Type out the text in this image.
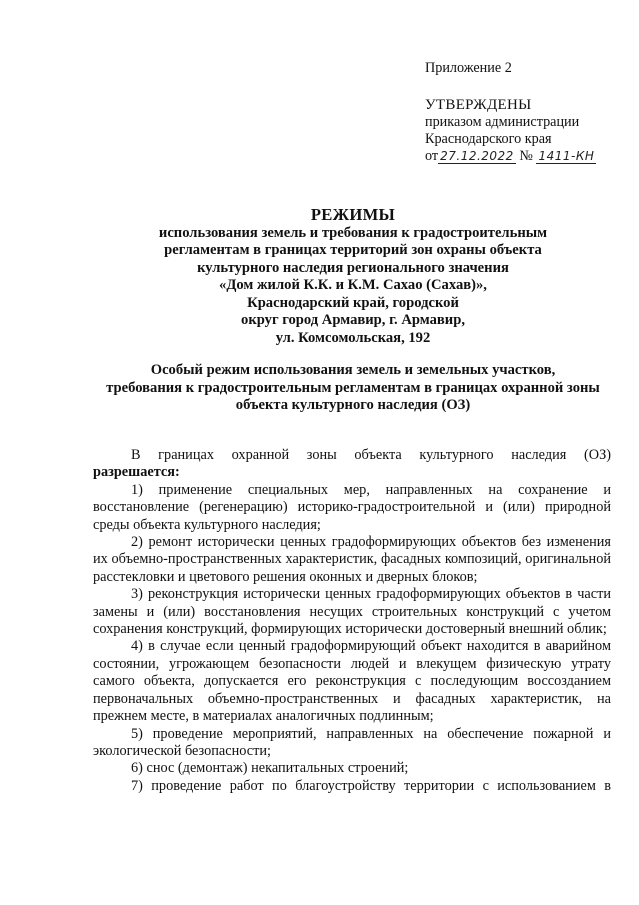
Приложение 2
УТВЕРЖДЕНЫ
приказом администрации
Краснодарского края
от 27.12.2022 № 1411-КН
РЕЖИМЫ
использования земель и требования к градостроительным
регламентам в границах территорий зон охраны объекта
культурного наследия регионального значения
«Дом жилой К.К. и К.М. Сахао (Сахав)»,
Краснодарский край, городской
округ город Армавир, г. Армавир,
ул. Комсомольская, 192
Особый режим использования земель и земельных участков,
требования к градостроительным регламентам в границах охранной зоны
объекта культурного наследия (ОЗ)

В границах охранной зоны объекта культурного наследия (ОЗ)

разрешается:

1) применение специальных мер, направленных на сохранение и восстановление (регенерацию) историко-градостроительной и (или) природной среды объекта культурного наследия;

2) ремонт исторически ценных градоформирующих объектов без изменения их объемно-пространственных характеристик, фасадных композиций, оригинальной расстекловки и цветового решения оконных и дверных блоков;

3) реконструкция исторически ценных градоформирующих объектов в части замены и (или) восстановления несущих строительных конструкций с учетом сохранения конструкций, формирующих исторически достоверный внешний облик;

4) в случае если ценный градоформирующий объект находится в аварийном состоянии, угрожающем безопасности людей и влекущем физическую утрату самого объекта, допускается его реконструкция с последующим воссозданием первоначальных объемно-пространственных и фасадных характеристик, на прежнем месте, в материалах аналогичных подлинным;

5) проведение мероприятий, направленных на обеспечение пожарной и экологической безопасности;

6) снос (демонтаж) некапитальных строений;

7) проведение работ по благоустройству территории с использованием в
